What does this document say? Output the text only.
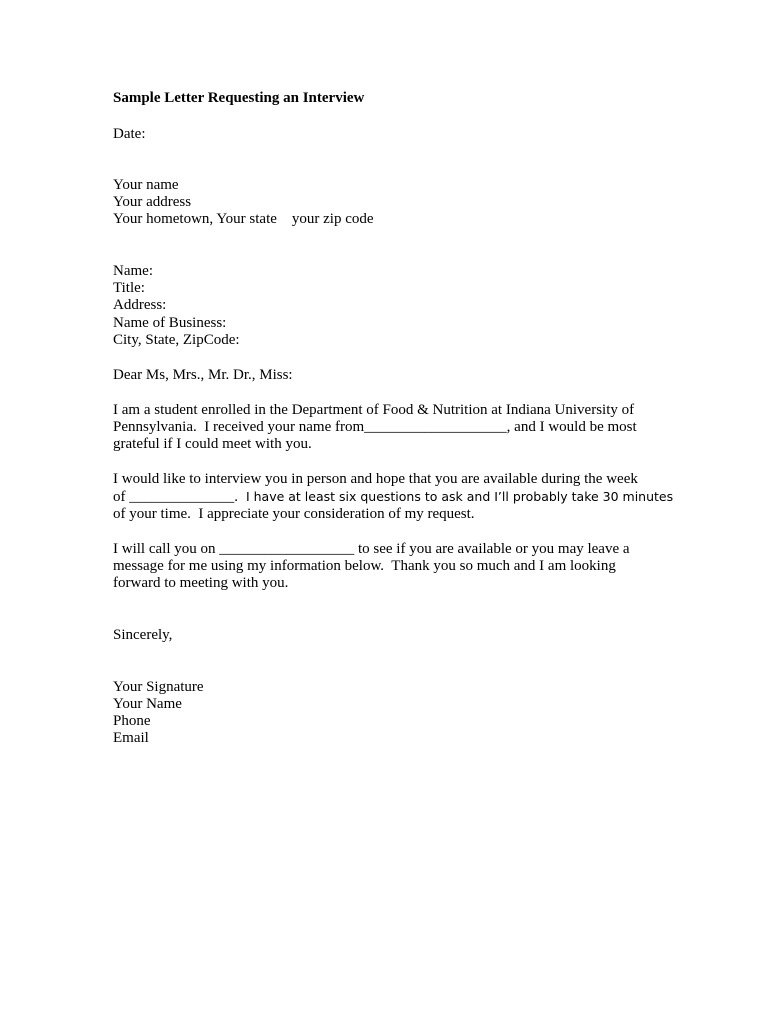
Sample Letter Requesting an Interview
Date:
Your name
Your address
Your hometown, Your state    your zip code
Name:
Title:
Address:
Name of Business:
City, State, ZipCode:
Dear Ms, Mrs., Mr. Dr., Miss:
I am a student enrolled in the Department of Food & Nutrition at Indiana University of
Pennsylvania.  I received your name from___________________, and I would be most
grateful if I could meet with you.
I would like to interview you in person and hope that you are available during the week
of ______________.  I have at least six questions to ask and I’ll probably take 30 minutes
of your time.  I appreciate your consideration of my request.
I will call you on __________________ to see if you are available or you may leave a
message for me using my information below.  Thank you so much and I am looking
forward to meeting with you.
Sincerely,
Your Signature
Your Name
Phone
Email
